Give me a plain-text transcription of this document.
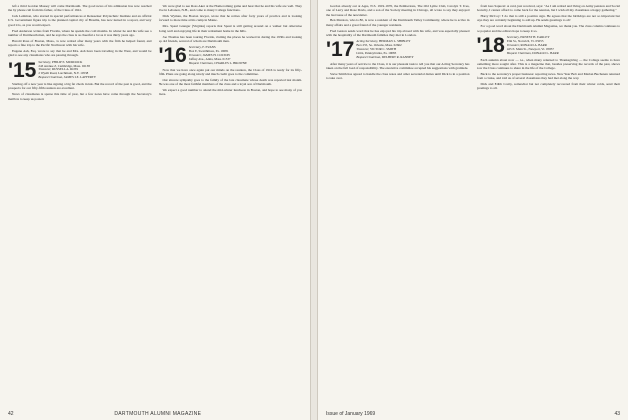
left a third Gordon Massey will come Dartmouth. The good news of his admission has now reached me by phone call from his father, of the Class of 1941.

Jack Lemmon, who starred in special performances at Rensselaer Polytechnic Institute and an official U.S. Government figure trip to the planned capital city of Brasilia, has now turned in a report, and very good it is, as you would expect.

Fred Anderson writes from Florida, where he spends the cold months. In winter he and his wife see a number of Dartmouth men, and he says the class is as cheerful a lot as it was thirty years ago.

Harold Ross of Boston, Mass., is now retired after many years with the firm he helped found, and reports a fine trip to the Pacific Northwest with his wife.

Eugene Ash, Esq. wrote to say that he and Mrs. Ash have been traveling in the West, and would be glad to see any classmates who are passing through.

'15 Secretary, PHILIP E. MURDOCK
243 Avenue Z, Cambridge, Mass. 02138
Treasurer, RUSSELL A. ROSS
2 Wyeth Road, Larchmont, N.Y. 10538
Bequest Chairman, JAMES LE. LAFFERTY

Starting off a new year is like signing a big fat check in ink. But the record of the past is good, and the prospects for our fifty-fifth reunion are excellent.

News of classmates is sparse this time of year, but a few notes have come through the Secretary's mailbox to keep us posted.

We were glad to see Ross Aker at the Homecoming game and hear that he and his wife are well. They live in Lebanon, N.H., and come to many College functions.

Dick Wyman, the Boston lawyer, wrote that he retires after forty years of practice and is looking forward to more time at his camp in Maine.

Mrs. Spaul Granger (Virginia) reports that Spaul is still getting around on a walker but otherwise doing well and enjoying life in their retirement home in the hills.

Joe Thomas has been touring Florida, visiting the places he worked in during the 1930s and looking up old friends, several of whom are Dartmouth men.

'16 Secretary, F. EVANS
Box E, Swarthmore, Pa. 19081
Treasurer, JAMES H. COLTON
Jaffrey Ave., Anita, Mass. 01537
Bequest Chairman, CHARLES L. BROWNE

Now that we have once again put our minds on the reunion, the Class of 1916 is ready for its fifty-fifth. Plans are going along nicely and much credit goes to the committee.

Our sincere sympathy goes to the family of the late classmate whose death was reported last month. He was one of the most faithful members of the class and a loyal son of Dartmouth.

We expect a good number to attend the mid-winter luncheon in Boston, and hope to see many of you there.

42	DARTMOUTH ALUMNI MAGAZINE

Gordon already out at Ages, N.S. 1919-1970, the Pembertons, The Old Lyme Club, Carolyn T. Ives, one of Larry and Rose Davis, and a son of the Society meeting in Chicago, all wrote to say they enjoyed the last issue of the newsletter.

Ben Marston, who is 80, is now a resident of the Dartmouth Valley Community, where he is active in many affairs and a great friend of the younger residents.

Fred Gaston sends word that he has enjoyed his trip abroad with his wife, and was especially pleased with the hospitality of the Dartmouth families they met in London.

'17 Acting Secretary, HERMAN L. SHIBLEY
Box 255, So. Orleans, Mass. 02662
Treasurer, VICTOR C. SMITH
Lititz, Pennsylvania, Pa. 19083
Bequest Chairman, DELBERT R. RANNEY

After many years of service to the Class, it is our pleasant task to tell you that our Acting Secretary has taken on the full load of responsibility. The executive committee accepted his suggestions with gratitude.

Steve Smith has agreed to handle the class notes and other secretarial duties until Dick is in a position to take over.

from Gus Sapucai: A card, just received, says: "As I am retired and living on Army pension and Social Security, I cannot afford to come back for the reunion, but I wish all my classmates a happy gathering."

Harry McCoy: 'I do that is still a positive sign. He agrees that the birthdays are not so important but says they are certainly beginning to add up. He sends greetings to all.'

For a good word about the Dartmouth Alumni Magazine, we thank you. The class column continues to be popular and the editors hope to keep it so.

'18 Secretary, ERNEST H. EARLEY
Elm St., Norwich, Vt. 05055
Treasurer, RONALD A. BARR
425 E. Main St., Newport, Vt. 05857
Bequest Chairman, DONALD L. BARR

Each autumn about now — i.e., when many returned to Thanksgiving — the College seems to have something more sought after. This is a magazine that, besides preserving the records of the past, shows how the Class continues to share in the life of the College.

Back to the secretary's proper business: reporting news. New Year Bob and Marian Buchanan returned from a cruise, and told us of several classmates they had met along the way.

Dick and Edith Cosby, somewhat but not completely recovered from their winter colds, send their greetings to all.

Issue of January 1969	43
